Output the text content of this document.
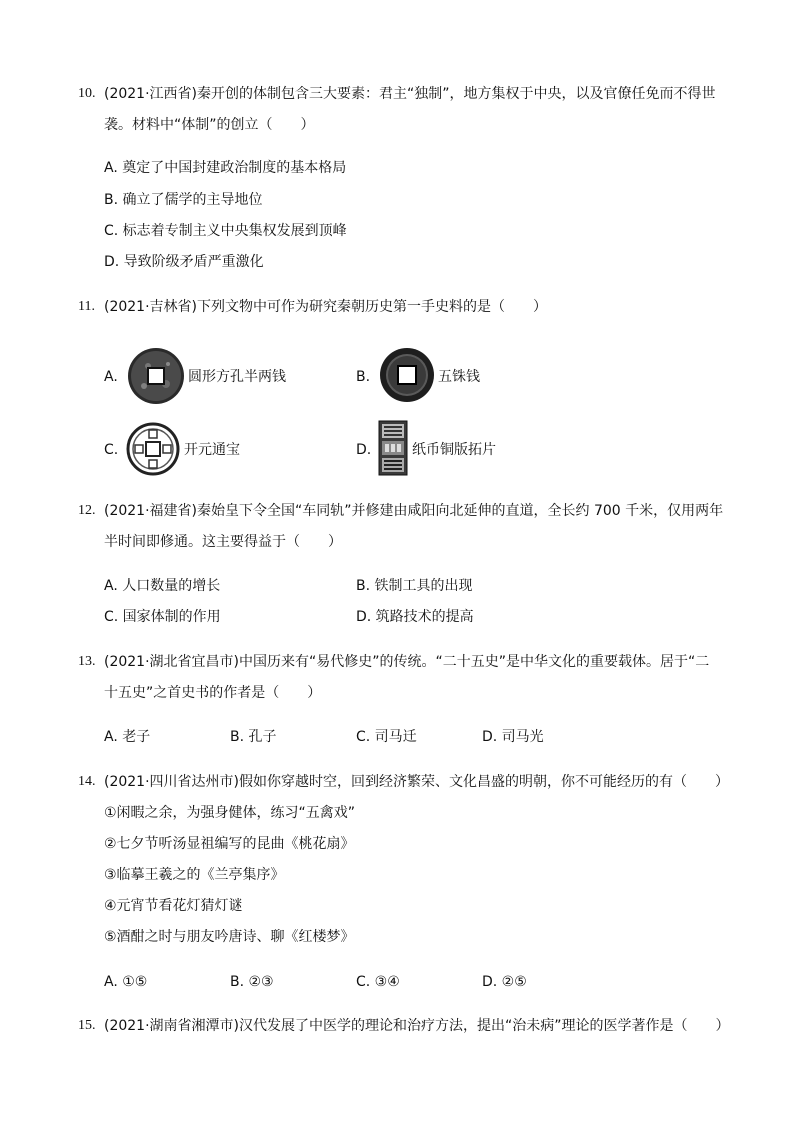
10. (2021·江西省)秦开创的体制包含三大要素：君主“独制”，地方集权于中央，以及官僚任免而不得世
袭。材料中“体制”的创立（　　）
A. 奠定了中国封建政治制度的基本格局
B. 确立了儒学的主导地位
C. 标志着专制主义中央集权发展到顶峰
D. 导致阶级矛盾严重激化
11. (2021·吉林省)下列文物中可作为研究秦朝历史第一手史料的是（　　）
A.	圆形方孔半两钱	B.	五铢钱
C.	开元通宝	D.	纸币铜版拓片
12. (2021·福建省)秦始皇下令全国“车同轨”并修建由咸阳向北延伸的直道，全长约 700 千米，仅用两年
半时间即修通。这主要得益于（　　）
A. 人口数量的增长	B. 铁制工具的出现
C. 国家体制的作用	D. 筑路技术的提高
13. (2021·湖北省宜昌市)中国历来有“易代修史”的传统。“二十五史”是中华文化的重要载体。居于“二
十五史”之首史书的作者是（　　）
A. 老子	B. 孔子	C. 司马迁	D. 司马光
14. (2021·四川省达州市)假如你穿越时空，回到经济繁荣、文化昌盛的明朝，你不可能经历的有（　　）
①闲暇之余，为强身健体，练习“五禽戏”
②七夕节听汤显祖编写的昆曲《桃花扇》
③临摹王羲之的《兰亭集序》
④元宵节看花灯猜灯谜
⑤酒酣之时与朋友吟唐诗、聊《红楼梦》
A. ①⑤	B. ②③	C. ③④	D. ②⑤
15. (2021·湖南省湘潭市)汉代发展了中医学的理论和治疗方法，提出“治未病”理论的医学著作是（　　）
